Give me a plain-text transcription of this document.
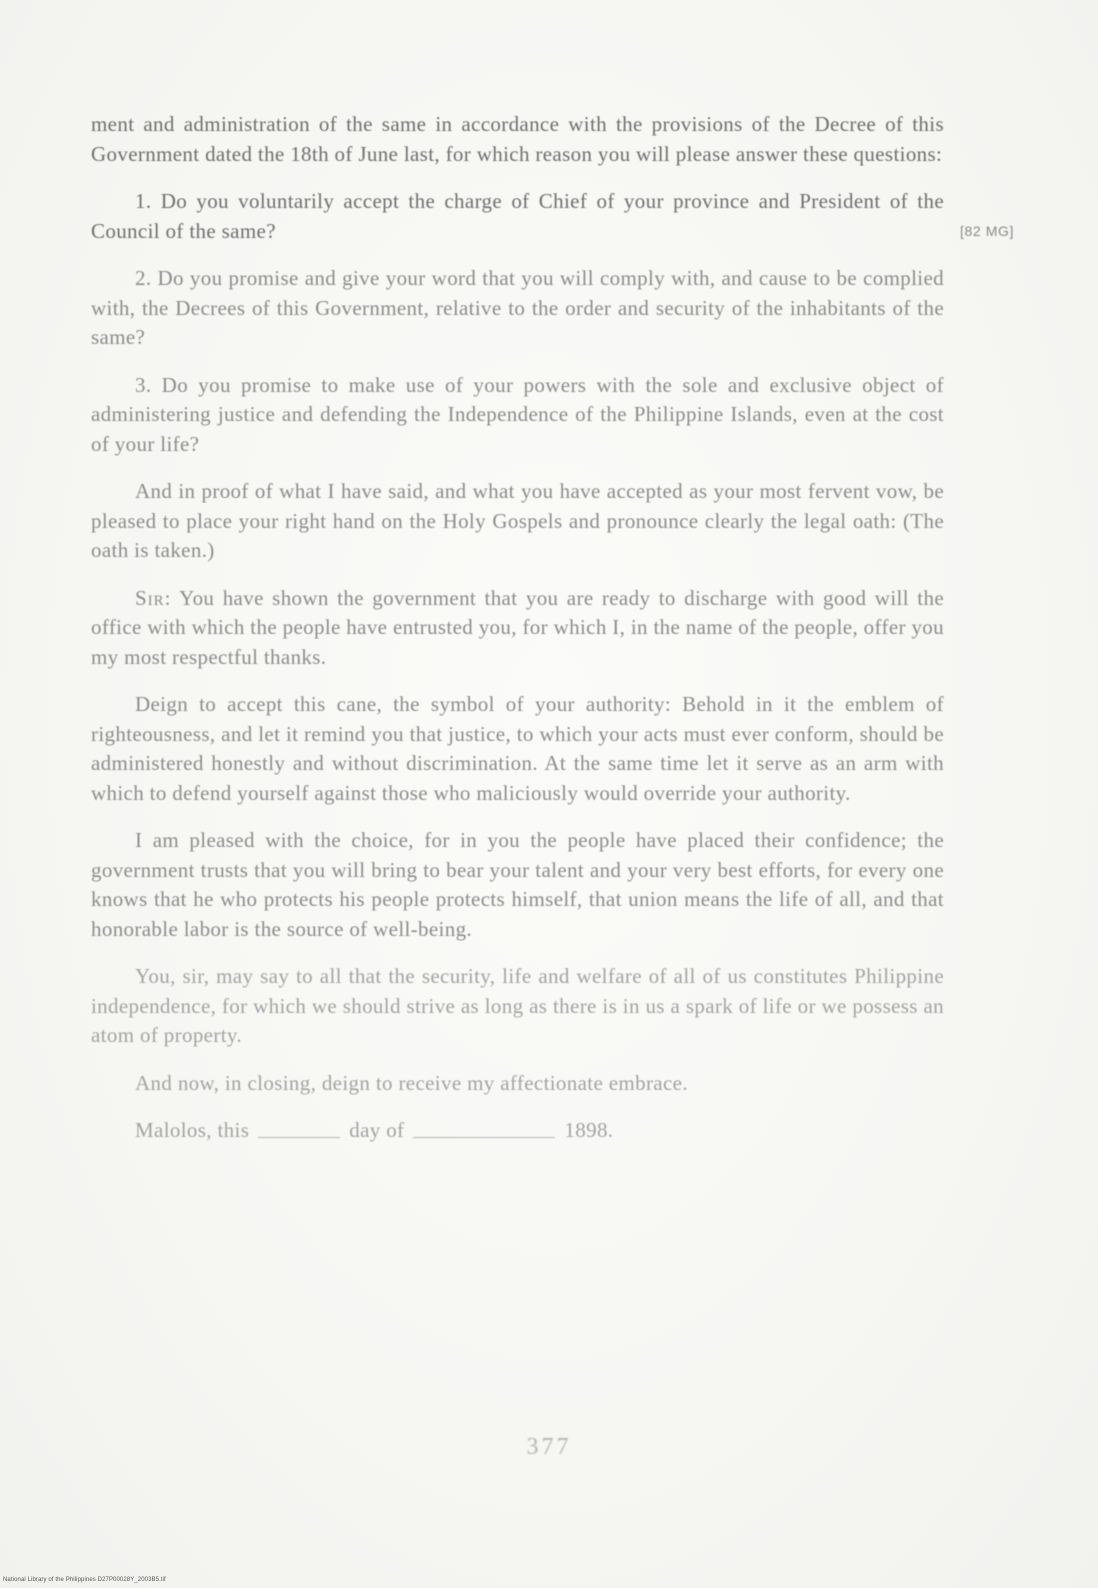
ment and administration of the same in accordance with the provisions of the Decree of this Government dated the 18th of June last, for which reason you will please answer these questions:

1. Do you voluntarily accept the charge of Chief of your province and President of the Council of the same?

2. Do you promise and give your word that you will comply with, and cause to be complied with, the Decrees of this Government, relative to the order and security of the inhabitants of the same?

3. Do you promise to make use of your powers with the sole and exclusive object of administering justice and defending the Independence of the Philippine Islands, even at the cost of your life?

And in proof of what I have said, and what you have accepted as your most fervent vow, be pleased to place your right hand on the Holy Gospels and pronounce clearly the legal oath: (The oath is taken.)

Sir: You have shown the government that you are ready to discharge with good will the office with which the people have entrusted you, for which I, in the name of the people, offer you my most respectful thanks.

Deign to accept this cane, the symbol of your authority: Behold in it the emblem of righteousness, and let it remind you that justice, to which your acts must ever conform, should be administered honestly and without discrimination. At the same time let it serve as an arm with which to defend yourself against those who maliciously would override your authority.

I am pleased with the choice, for in you the people have placed their confidence; the government trusts that you will bring to bear your talent and your very best efforts, for every one knows that he who protects his people protects himself, that union means the life of all, and that honorable labor is the source of well-being.

You, sir, may say to all that the security, life and welfare of all of us constitutes Philippine independence, for which we should strive as long as there is in us a spark of life or we possess an atom of property.

And now, in closing, deign to receive my affectionate embrace.

Malolos, this	day of	1898.

[82 MG]
377
National Library of the Philippines D27P00028Y_2003B5.tif
